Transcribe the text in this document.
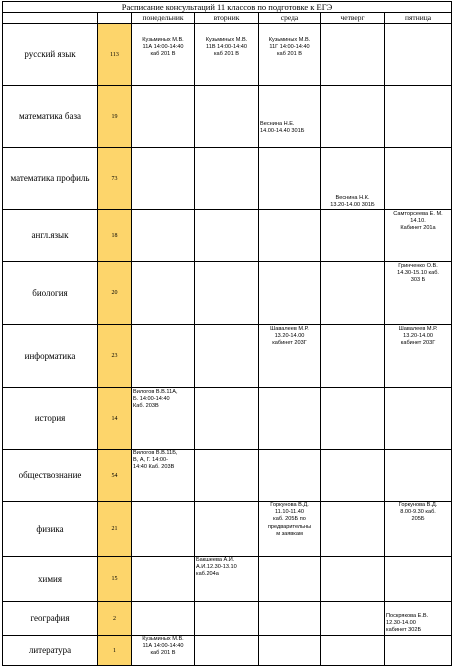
Расписание консультаций 11 классов по подготовке к ЕГЭ						
		понедельник	вторник	среда	четверг	пятница
русский язык	113	Кузьминых М.В.
11А 14:00-14:40
каб 201 В	Кузьминых М.В.
11В 14:00-14:40
каб 201 В	Кузьминых М.В.
11Г 14:00-14:40
каб 201 В		

математика база	19			Веснина Н.Е.
14.00-14.40 301Б		

математика профиль	73				Веснина Н.К.
13.20-14.00 301Б	

англ.язык	18					Самторсеева Е. М.
14.10.
Кабинет 201а

биология	20					Гринченко О.В.
14.30-15.10 каб.
303 Б

информатика	23			Шавалеев М.Р.
13.20-14.00
кабинет 203Г		Шавалеев М.Р.
13.20-14.00
кабинет 203Г

история	14	Вилогов В.В.11А,
Б. 14:00-14:40
Каб. 203В				

обществознание	54	Вилогов В.В.11Б,
В, А, Г. 14:00-
14:40 Каб. 203В				

физика	21			Горкунова В.Д.
11.10-11.40
каб. 205Б по
предварительны
м заявкам		Горкунова В.Д.
8.00-9.30 каб.
205Б

химия	15		Бакшеева А.И.
А.И.12.30-13.10
каб.204а			

география	2					Поскрякова Е.В.
12.30-14.00
кабинет 302Б

литература	1	Кузьминых М.В.
11А 14:00-14:40
каб 201 В				
